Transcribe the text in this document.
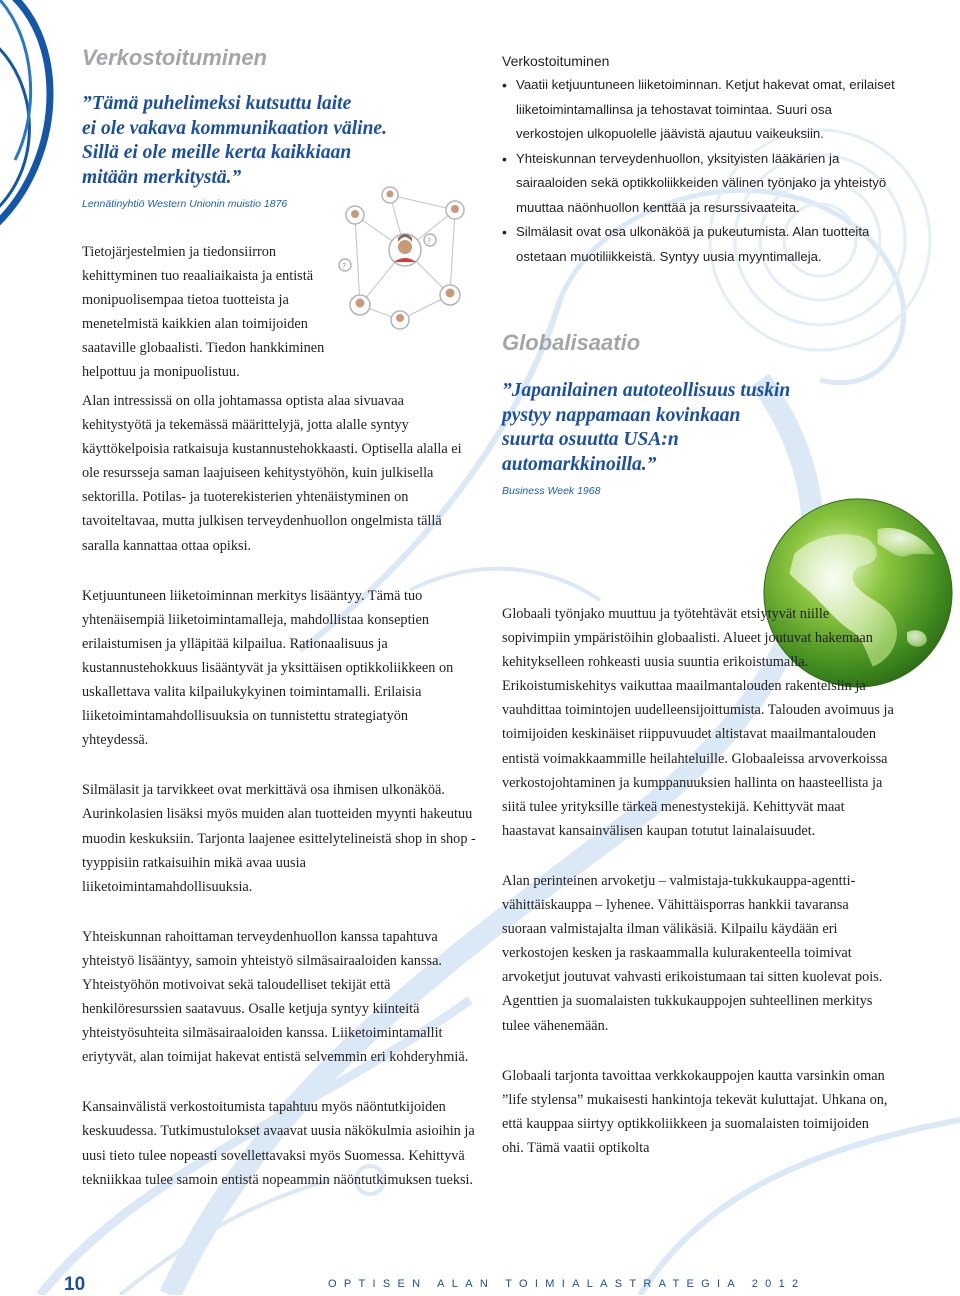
?
?
Verkostoituminen

”Tämä puhelimeksi kutsuttu laite
ei ole vakava kommunikaation väline.
Sillä ei ole meille kerta kaikkiaan
mitään merkitystä.”

Lennätinyhtiö Western Unionin muistio 1876

Tietojärjestelmien ja tiedonsiirron kehittyminen tuo reaaliaikaista ja entistä monipuolisempaa tietoa tuotteista ja menetelmistä kaikkien alan toimijoiden saataville globaalisti. Tiedon hankkiminen helpottuu ja monipuolistuu.

Alan intressissä on olla johtamassa optista alaa sivuavaa kehitystyötä ja tekemässä määrittelyjä, jotta alalle syntyy käyttökelpoisia ratkaisuja kustannustehokkaasti. Optisella alalla ei ole resursseja saman laajuiseen kehitystyöhön, kuin julkisella sektorilla. Potilas- ja tuoterekisterien yhtenäistyminen on tavoiteltavaa, mutta julkisen terveydenhuollon ongelmista tällä saralla kannattaa ottaa opiksi.

Ketjuuntuneen liiketoiminnan merkitys lisääntyy. Tämä tuo yhtenäisempiä liiketoimintamalleja, mahdollistaa konseptien erilaistumisen ja ylläpitää kilpailua. Rationaalisuus ja kustannustehokkuus lisääntyvät ja yksittäisen optikkoliikkeen on uskallettava valita kilpailukykyinen toimintamalli. Erilaisia liiketoimintamahdollisuuksia on tunnistettu strategiatyön yhteydessä.

Silmälasit ja tarvikkeet ovat merkittävä osa ihmisen ulkonäköä. Aurinkolasien lisäksi myös muiden alan tuotteiden myynti hakeutuu muodin keskuksiin. Tarjonta laajenee esittelytelineistä shop in shop -tyyppisiin ratkaisuihin mikä avaa uusia liiketoimintamahdollisuuksia.

Yhteiskunnan rahoittaman terveydenhuollon kanssa tapahtuva yhteistyö lisääntyy, samoin yhteistyö silmäsairaaloiden kanssa. Yhteistyöhön motivoivat sekä taloudelliset tekijät että henkilöresurssien saatavuus. Osalle ketjuja syntyy kiinteitä yhteistyösuhteita silmäsairaaloiden kanssa. Liiketoimintamallit eriytyvät, alan toimijat hakevat entistä selvemmin eri kohderyhmiä.

Kansainvälistä verkostoitumista tapahtuu myös näöntutkijoiden keskuudessa. Tutkimustulokset avaavat uusia näkökulmia asioihin ja uusi tieto tulee nopeasti sovellettavaksi myös Suomessa. Kehittyvä tekniikkaa tulee samoin entistä nopeammin näöntutkimuksen tueksi.

Verkostoituminen

• Vaatii ketjuuntuneen liiketoiminnan. Ketjut hakevat omat, erilaiset liiketoimintamallinsa ja tehostavat toimintaa. Suuri osa verkostojen ulkopuolelle jäävistä ajautuu vaikeuksiin.
• Yhteiskunnan terveydenhuollon, yksityisten lääkärien ja sairaaloiden sekä optikkoliikkeiden välinen työnjako ja yhteistyö muuttaa näönhuollon kenttää ja resurssivaateita.
• Silmälasit ovat osa ulkonäköä ja pukeutumista. Alan tuotteita ostetaan muotiliikkeistä. Syntyy uusia myyntimalleja.
Globalisaatio

”Japanilainen autoteollisuus tuskin
pystyy nappamaan kovinkaan
suurta osuutta USA:n
automarkkinoilla.”

Business Week 1968

Globaali työnjako muuttuu ja työtehtävät etsiytyvät niille sopivimpiin ympäristöihin globaalisti. Alueet joutuvat hakemaan kehitykselleen rohkeasti uusia suuntia erikoistumalla. Erikoistumiskehitys vaikuttaa maailmantalouden rakenteisiin ja vauhdittaa toimintojen uudelleensijoittumista. Talouden avoimuus ja toimijoiden keskinäiset riippuvuudet altistavat maailmantalouden entistä voimakkaammille heilahteluille. Globaaleissa arvoverkoissa verkostojohtaminen ja kumppanuuksien hallinta on haasteellista ja siitä tulee yrityksille tärkeä menestystekijä. Kehittyvät maat haastavat kansainvälisen kaupan totutut lainalaisuudet.

Alan perinteinen arvoketju – valmistaja-tukkukauppa-agentti-vähittäiskauppa – lyhenee. Vähittäisporras hankkii tavaransa suoraan valmistajalta ilman välikäsiä. Kilpailu käydään eri verkostojen kesken ja raskaammalla kulurakenteella toimivat arvoketjut joutuvat vahvasti erikoistumaan tai sitten kuolevat pois. Agenttien ja suomalaisten tukkukauppojen suhteellinen merkitys tulee vähenemään.

Globaali tarjonta tavoittaa verkkokauppojen kautta varsinkin oman ”life stylensa” mukaisesti hankintoja tekevät kuluttajat. Uhkana on, että kauppaa siirtyy optikkoliikkeen ja suomalaisten toimijoiden ohi. Tämä vaatii optikolta

10	OPTISEN ALAN TOIMIALASTRATEGIA 2012
